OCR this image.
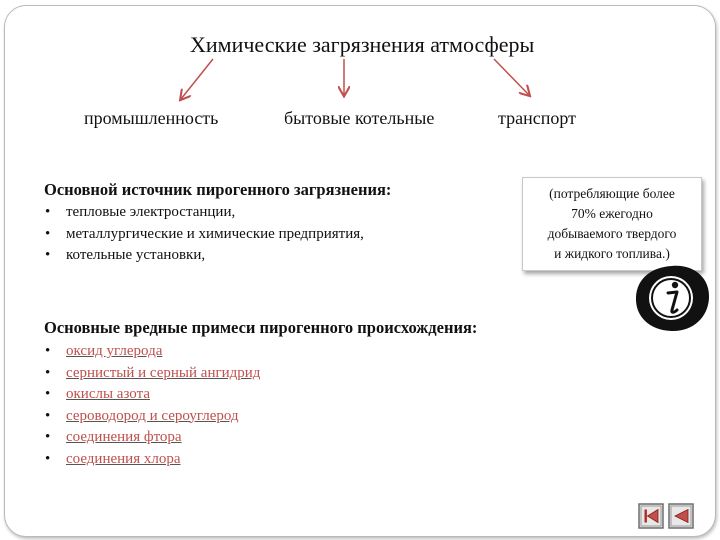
Химические загрязнения атмосферы
промышленность	бытовые котельные	транспорт
Основной источник пирогенного загрязнения:
• тепловые электростанции,
• металлургические и химические предприятия,
• котельные установки,
(потребляющие более
70% ежегодно
добываемого твердого
и жидкого топлива.)
Основные вредные примеси пирогенного происхождения:
• оксид углерода
• сернистый и серный ангидрид
• окислы азота
• сероводород и сероуглерод
• соединения фтора
• соединения хлора
